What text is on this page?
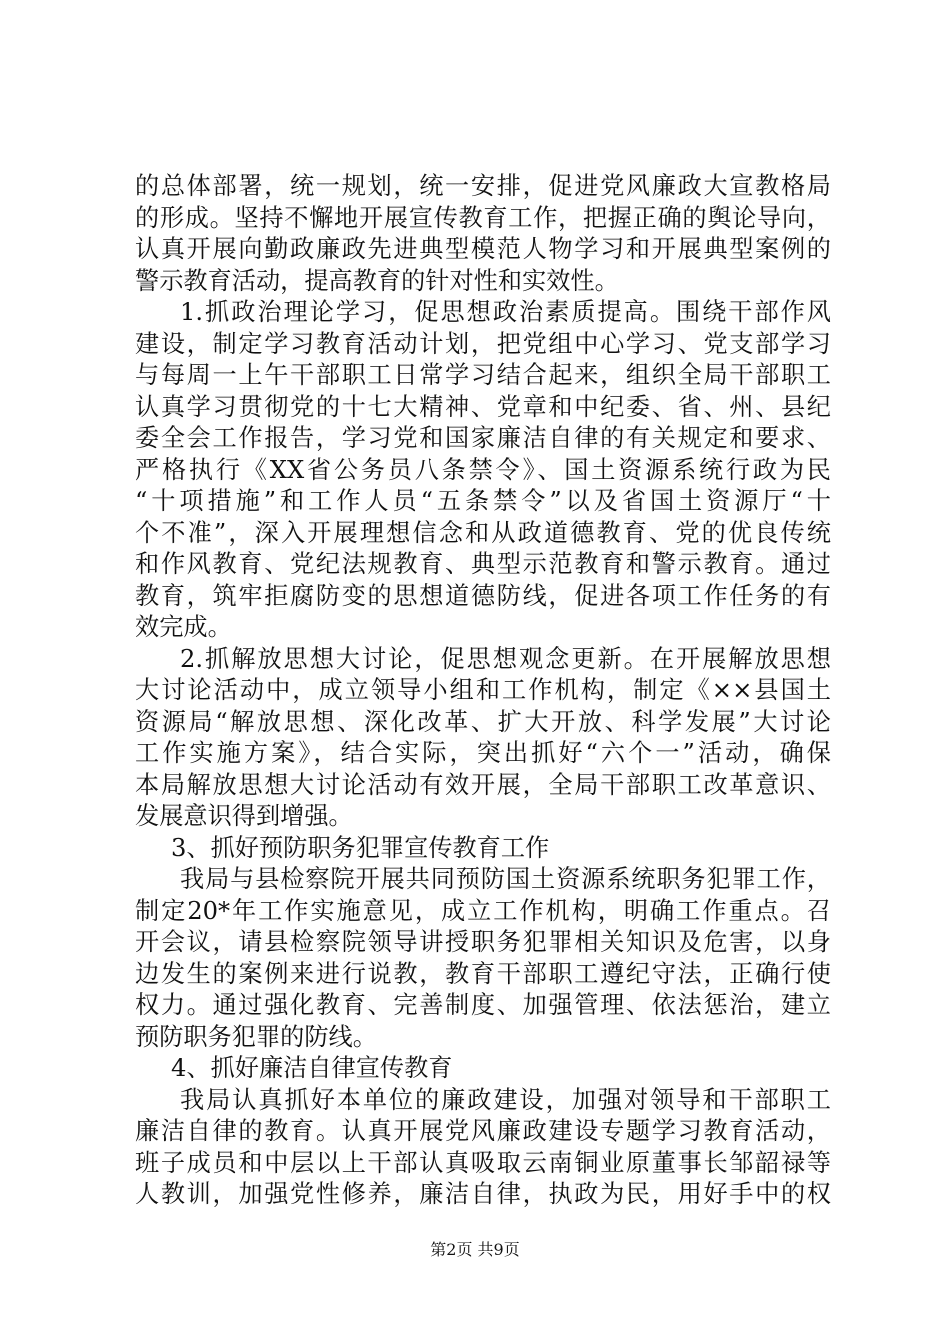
的总体部署，统一规划，统一安排，促进党风廉政大宣教格局
的形成。坚持不懈地开展宣传教育工作，把握正确的舆论导向，
认真开展向勤政廉政先进典型模范人物学习和开展典型案例的
警示教育活动，提高教育的针对性和实效性。
1.抓政治理论学习，促思想政治素质提高。围绕干部作风
建设，制定学习教育活动计划，把党组中心学习、党支部学习
与每周一上午干部职工日常学习结合起来，组织全局干部职工
认真学习贯彻党的十七大精神、党章和中纪委、省、州、县纪
委全会工作报告，学习党和国家廉洁自律的有关规定和要求、
严格执行《XX省公务员八条禁令》、国土资源系统行政为民
“十项措施”和工作人员“五条禁令”以及省国土资源厅“十
个不准”，深入开展理想信念和从政道德教育、党的优良传统
和作风教育、党纪法规教育、典型示范教育和警示教育。通过
教育，筑牢拒腐防变的思想道德防线，促进各项工作任务的有
效完成。
2.抓解放思想大讨论，促思想观念更新。在开展解放思想
大讨论活动中，成立领导小组和工作机构，制定《××县国土
资源局“解放思想、深化改革、扩大开放、科学发展”大讨论
工作实施方案》，结合实际，突出抓好“六个一”活动，确保
本局解放思想大讨论活动有效开展，全局干部职工改革意识、
发展意识得到增强。
3、抓好预防职务犯罪宣传教育工作
我局与县检察院开展共同预防国土资源系统职务犯罪工作，
制定20*年工作实施意见，成立工作机构，明确工作重点。召
开会议，请县检察院领导讲授职务犯罪相关知识及危害，以身
边发生的案例来进行说教，教育干部职工遵纪守法，正确行使
权力。通过强化教育、完善制度、加强管理、依法惩治，建立
预防职务犯罪的防线。
4、抓好廉洁自律宣传教育
我局认真抓好本单位的廉政建设，加强对领导和干部职工
廉洁自律的教育。认真开展党风廉政建设专题学习教育活动，
班子成员和中层以上干部认真吸取云南铜业原董事长邹韶禄等
人教训，加强党性修养，廉洁自律，执政为民，用好手中的权
第2页 共9页
